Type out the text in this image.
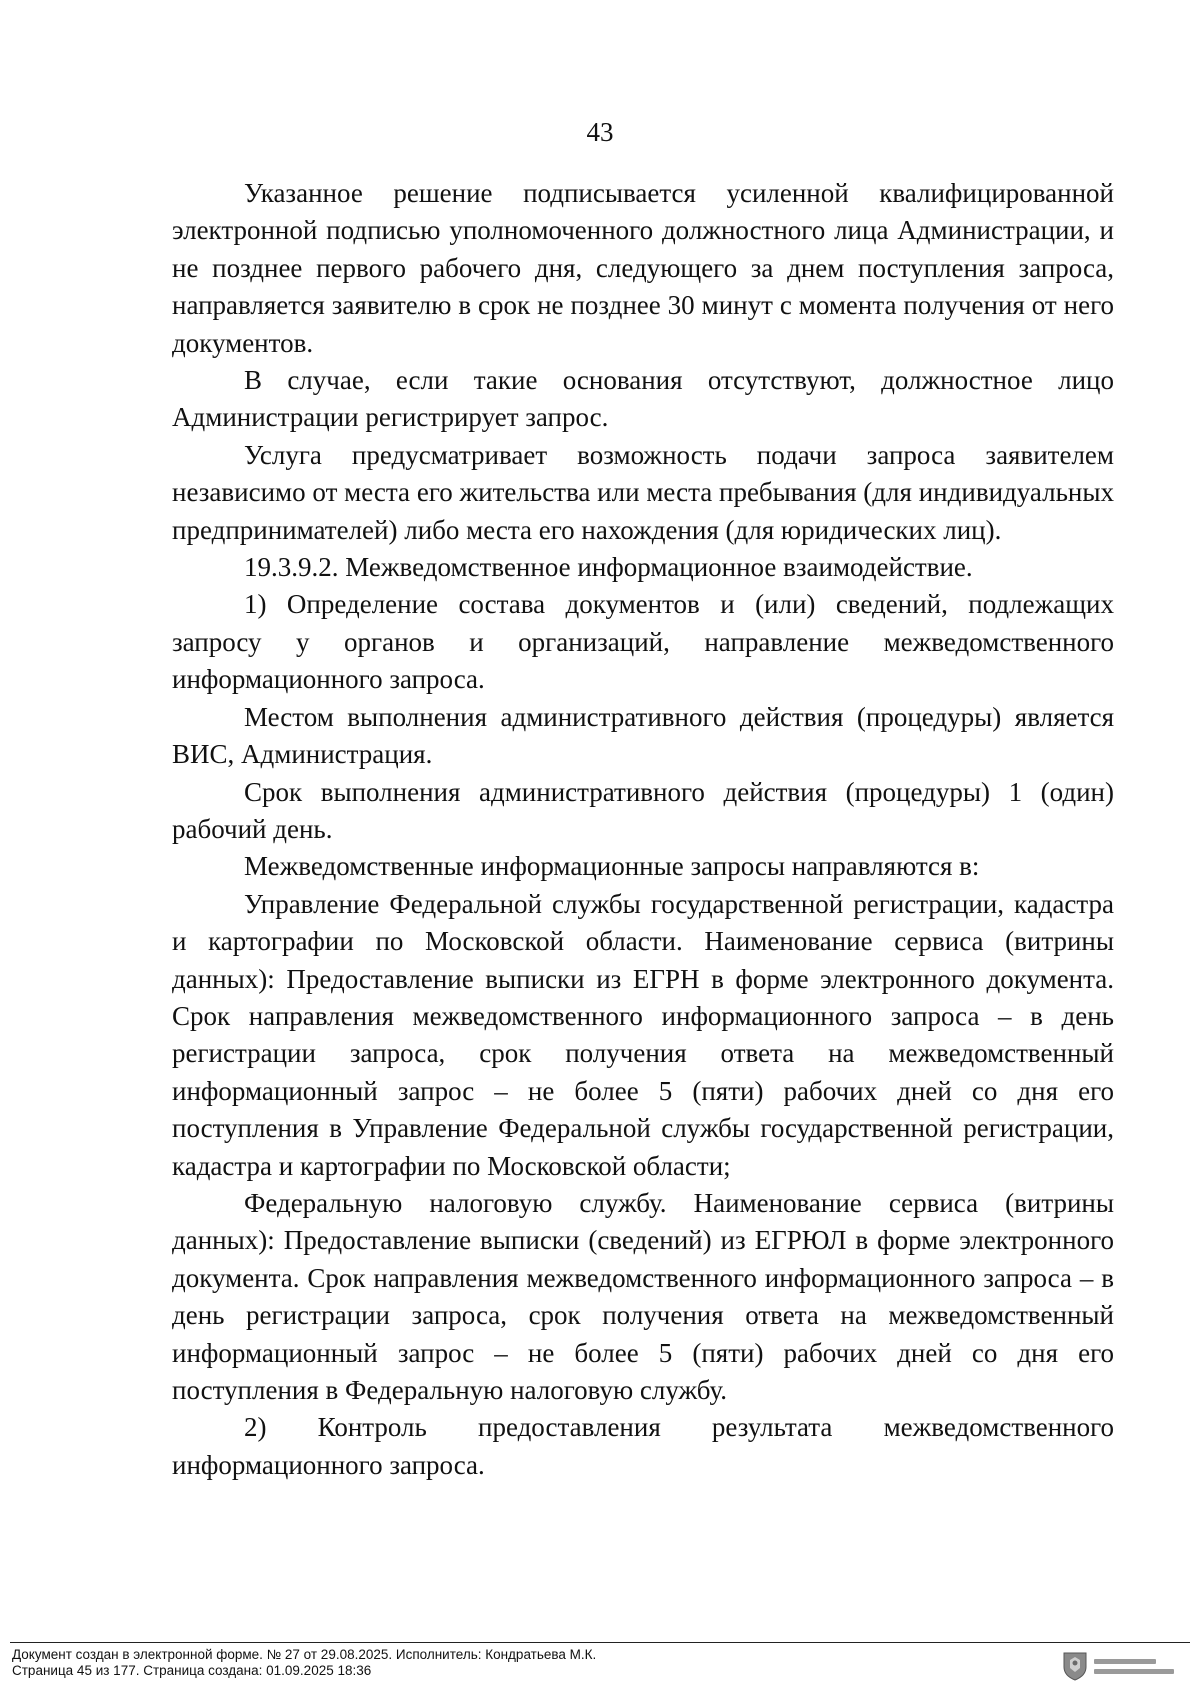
43

Указанное решение подписывается усиленной квалифицированной электронной подписью уполномоченного должностного лица Администрации, и не позднее первого рабочего дня, следующего за днем поступления запроса, направляется заявителю в срок не позднее 30 минут с момента получения от него документов.

В случае, если такие основания отсутствуют, должностное лицо Администрации регистрирует запрос.

Услуга предусматривает возможность подачи запроса заявителем независимо от места его жительства или места пребывания (для индивидуальных предпринимателей) либо места его нахождения (для юридических лиц).

19.3.9.2. Межведомственное информационное взаимодействие.

1) Определение состава документов и (или) сведений, подлежащих запросу у органов и организаций, направление межведомственного информационного запроса.

Местом выполнения административного действия (процедуры) является ВИС, Администрация.

Срок выполнения административного действия (процедуры) 1 (один) рабочий день.

Межведомственные информационные запросы направляются в:

Управление Федеральной службы государственной регистрации, кадастра и картографии по Московской области. Наименование сервиса (витрины данных): Предоставление выписки из ЕГРН в форме электронного документа. Срок направления межведомственного информационного запроса – в день регистрации запроса, срок получения ответа на межведомственный информационный запрос – не более 5 (пяти) рабочих дней со дня его поступления в Управление Федеральной службы государственной регистрации, кадастра и картографии по Московской области;

Федеральную налоговую службу. Наименование сервиса (витрины данных): Предоставление выписки (сведений) из ЕГРЮЛ в форме электронного документа. Срок направления межведомственного информационного запроса – в день регистрации запроса, срок получения ответа на межведомственный информационный запрос – не более 5 (пяти) рабочих дней со дня его поступления в Федеральную налоговую службу.

2) Контроль предоставления результата межведомственного информационного запроса.

Документ создан в электронной форме. № 27 от 29.08.2025. Исполнитель: Кондратьева М.К.
Страница 45 из 177. Страница создана: 01.09.2025 18:36
